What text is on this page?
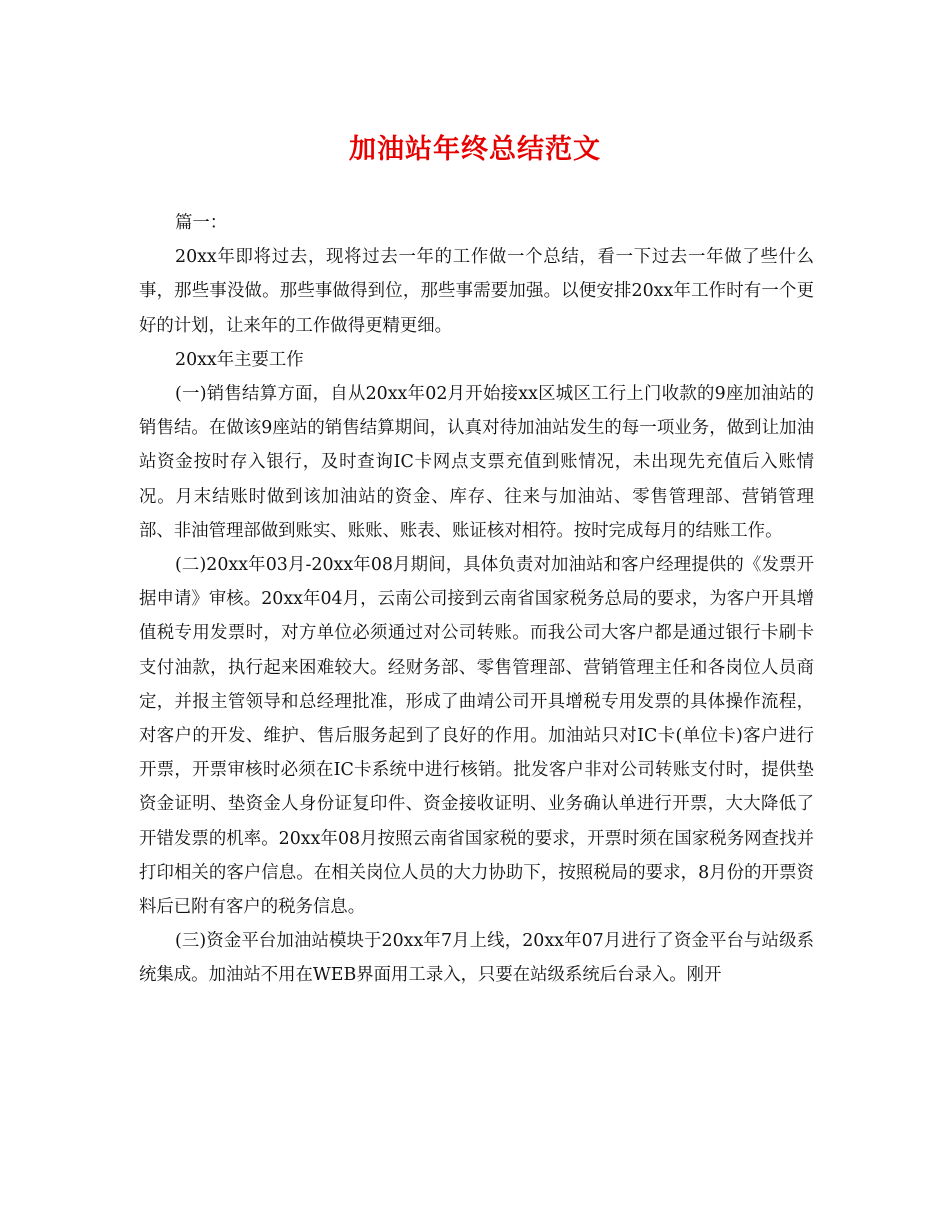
加油站年终总结范文

篇一：

20xx年即将过去，现将过去一年的工作做一个总结，看一下过去一年做了些什么事，那些事没做。那些事做得到位，那些事需要加强。以便安排20xx年工作时有一个更好的计划，让来年的工作做得更精更细。

20xx年主要工作

(一)销售结算方面，自从20xx年02月开始接xx区城区工行上门收款的9座加油站的销售结。在做该9座站的销售结算期间，认真对待加油站发生的每一项业务，做到让加油站资金按时存入银行，及时查询IC卡网点支票充值到账情况，未出现先充值后入账情况。月末结账时做到该加油站的资金、库存、往来与加油站、零售管理部、营销管理部、非油管理部做到账实、账账、账表、账证核对相符。按时完成每月的结账工作。

(二)20xx年03月-20xx年08月期间，具体负责对加油站和客户经理提供的《发票开据申请》审核。20xx年04月，云南公司接到云南省国家税务总局的要求，为客户开具增值税专用发票时，对方单位必须通过对公司转账。而我公司大客户都是通过银行卡刷卡支付油款，执行起来困难较大。经财务部、零售管理部、营销管理主任和各岗位人员商定，并报主管领导和总经理批准，形成了曲靖公司开具增税专用发票的具体操作流程，对客户的开发、维护、售后服务起到了良好的作用。加油站只对IC卡(单位卡)客户进行开票，开票审核时必须在IC卡系统中进行核销。批发客户非对公司转账支付时，提供垫资金证明、垫资金人身份证复印件、资金接收证明、业务确认单进行开票，大大降低了开错发票的机率。20xx年08月按照云南省国家税的要求，开票时须在国家税务网查找并打印相关的客户信息。在相关岗位人员的大力协助下，按照税局的要求，8月份的开票资料后已附有客户的税务信息。

(三)资金平台加油站模块于20xx年7月上线，20xx年07月进行了资金平台与站级系统集成。加油站不用在WEB界面用工录入，只要在站级系统后台录入。刚开
